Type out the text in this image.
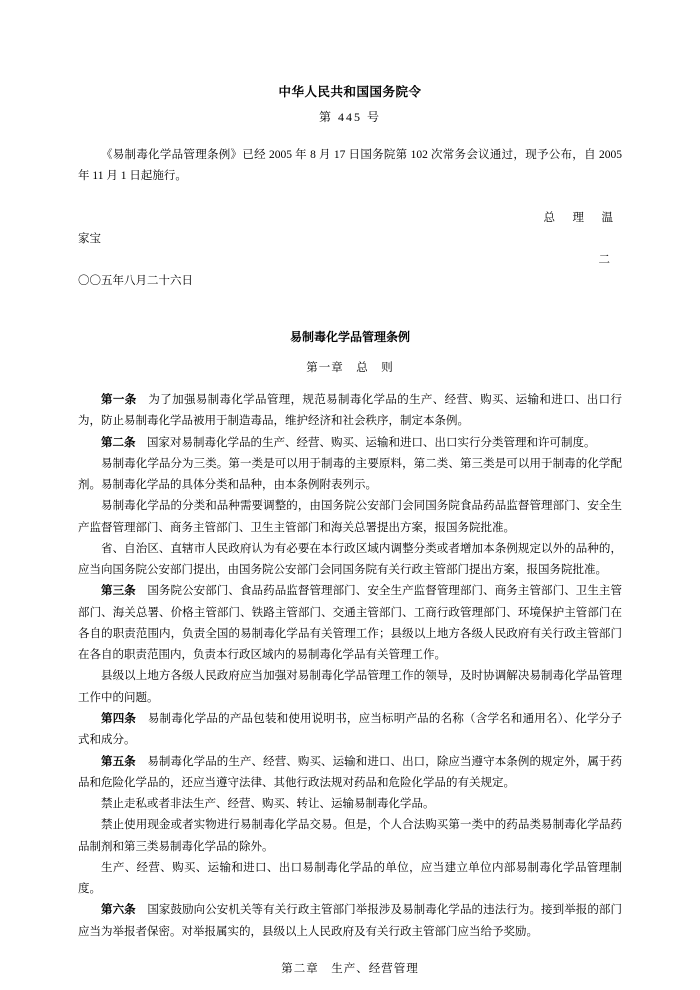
中华人民共和国国务院令
第 445 号

《易制毒化学品管理条例》已经 2005 年 8 月 17 日国务院第 102 次常务会议通过，现予公布，自 2005 年 11 月 1 日起施行。

总　理　温

家宝

二

〇〇五年八月二十六日

易制毒化学品管理条例
第一章　总　则

第一条　为了加强易制毒化学品管理，规范易制毒化学品的生产、经营、购买、运输和进口、出口行为，防止易制毒化学品被用于制造毒品，维护经济和社会秩序，制定本条例。

第二条　国家对易制毒化学品的生产、经营、购买、运输和进口、出口实行分类管理和许可制度。

易制毒化学品分为三类。第一类是可以用于制毒的主要原料，第二类、第三类是可以用于制毒的化学配剂。易制毒化学品的具体分类和品种，由本条例附表列示。

易制毒化学品的分类和品种需要调整的，由国务院公安部门会同国务院食品药品监督管理部门、安全生产监督管理部门、商务主管部门、卫生主管部门和海关总署提出方案，报国务院批准。

省、自治区、直辖市人民政府认为有必要在本行政区域内调整分类或者增加本条例规定以外的品种的，应当向国务院公安部门提出，由国务院公安部门会同国务院有关行政主管部门提出方案，报国务院批准。

第三条　国务院公安部门、食品药品监督管理部门、安全生产监督管理部门、商务主管部门、卫生主管部门、海关总署、价格主管部门、铁路主管部门、交通主管部门、工商行政管理部门、环境保护主管部门在各自的职责范围内，负责全国的易制毒化学品有关管理工作；县级以上地方各级人民政府有关行政主管部门在各自的职责范围内，负责本行政区域内的易制毒化学品有关管理工作。

县级以上地方各级人民政府应当加强对易制毒化学品管理工作的领导，及时协调解决易制毒化学品管理工作中的问题。

第四条　易制毒化学品的产品包装和使用说明书，应当标明产品的名称（含学名和通用名）、化学分子式和成分。

第五条　易制毒化学品的生产、经营、购买、运输和进口、出口，除应当遵守本条例的规定外，属于药品和危险化学品的，还应当遵守法律、其他行政法规对药品和危险化学品的有关规定。

禁止走私或者非法生产、经营、购买、转让、运输易制毒化学品。

禁止使用现金或者实物进行易制毒化学品交易。但是，个人合法购买第一类中的药品类易制毒化学品药品制剂和第三类易制毒化学品的除外。

生产、经营、购买、运输和进口、出口易制毒化学品的单位，应当建立单位内部易制毒化学品管理制度。

第六条　国家鼓励向公安机关等有关行政主管部门举报涉及易制毒化学品的违法行为。接到举报的部门应当为举报者保密。对举报属实的，县级以上人民政府及有关行政主管部门应当给予奖励。

第二章　生产、经营管理
